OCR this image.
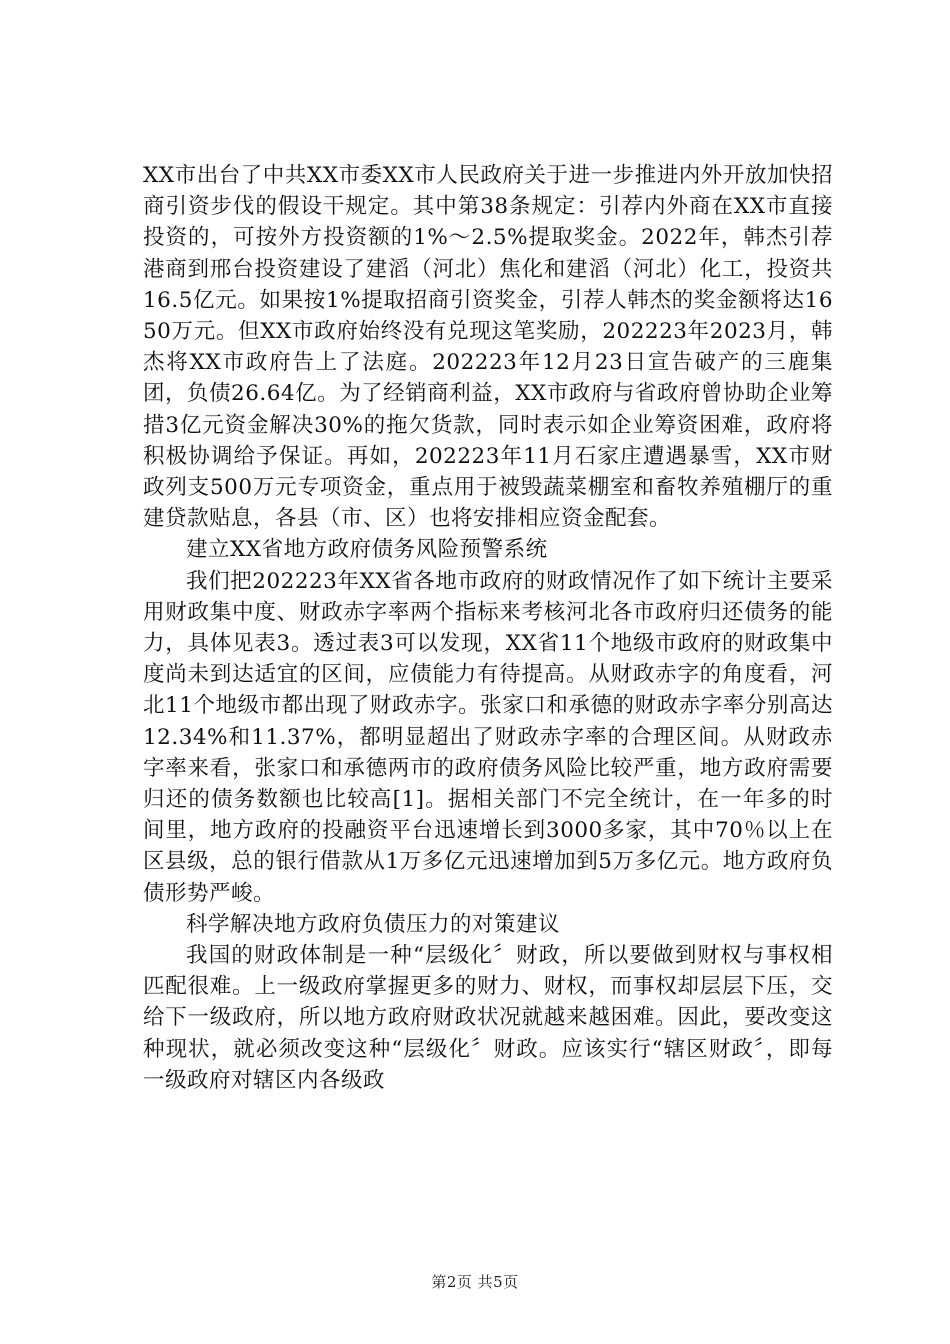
XX市出台了中共XX市委XX市人民政府关于进一步推进内外开放加快招商引资步伐的假设干规定。其中第38条规定：引荐内外商在XX市直接投资的，可按外方投资额的1%～2.5%提取奖金。2022年，韩杰引荐港商到邢台投资建设了建滔（河北）焦化和建滔（河北）化工，投资共16.5亿元。如果按1%提取招商引资奖金，引荐人韩杰的奖金额将达1650万元。但XX市政府始终没有兑现这笔奖励，202223年2023月，韩杰将XX市政府告上了法庭。202223年12月23日宣告破产的三鹿集团，负债26.64亿。为了经销商利益，XX市政府与省政府曾协助企业筹措3亿元资金解决30%的拖欠货款，同时表示如企业筹资困难，政府将积极协调给予保证。再如，202223年11月石家庄遭遇暴雪，XX市财政列支500万元专项资金，重点用于被毁蔬菜棚室和畜牧养殖棚厅的重建贷款贴息，各县（市、区）也将安排相应资金配套。

建立XX省地方政府债务风险预警系统

我们把202223年XX省各地市政府的财政情况作了如下统计主要采用财政集中度、财政赤字率两个指标来考核河北各市政府归还债务的能力，具体见表3。透过表3可以发现，XX省11个地级市政府的财政集中度尚未到达适宜的区间，应债能力有待提高。从财政赤字的角度看，河北11个地级市都出现了财政赤字。张家口和承德的财政赤字率分别高达12.34%和11.37%，都明显超出了财政赤字率的合理区间。从财政赤字率来看，张家口和承德两市的政府债务风险比较严重，地方政府需要归还的债务数额也比较高[1]。据相关部门不完全统计，在一年多的时间里，地方政府的投融资平台迅速增长到3000多家，其中70％以上在区县级，总的银行借款从1万多亿元迅速增加到5万多亿元。地方政府负债形势严峻。

科学解决地方政府负债压力的对策建议

我国的财政体制是一种“层级化〞财政，所以要做到财权与事权相匹配很难。上一级政府掌握更多的财力、财权，而事权却层层下压，交给下一级政府，所以地方政府财政状况就越来越困难。因此，要改变这种现状，就必须改变这种“层级化〞财政。应该实行“辖区财政〞，即每一级政府对辖区内各级政

第2页 共5页
